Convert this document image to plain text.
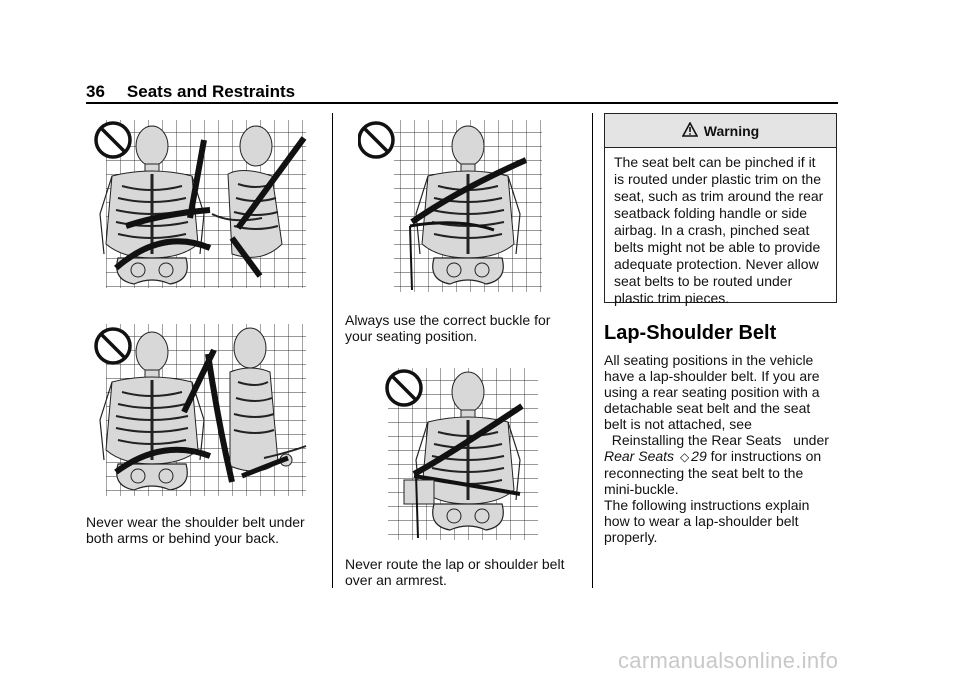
36 Seats and Restraints
Never wear the shoulder belt under
both arms or behind your back.
Always use the correct buckle for
your seating position.
Never route the lap or shoulder belt
over an armrest.
Warning
The seat belt can be pinched if it
is routed under plastic trim on the
seat, such as trim around the rear
seatback folding handle or side
airbag. In a crash, pinched seat
belts might not be able to provide
adequate protection. Never allow
seat belts to be routed under
plastic trim pieces.
Lap-Shoulder Belt
All seating positions in the vehicle
have a lap-shoulder belt. If you are
using a rear seating position with a
detachable seat belt and the seat
belt is not attached, see
Reinstalling the Rear Seats   under
Rear Seats ◇ 29 for instructions on
reconnecting the seat belt to the
mini-buckle.
The following instructions explain
how to wear a lap-shoulder belt
properly.
carmanualsonline.info
